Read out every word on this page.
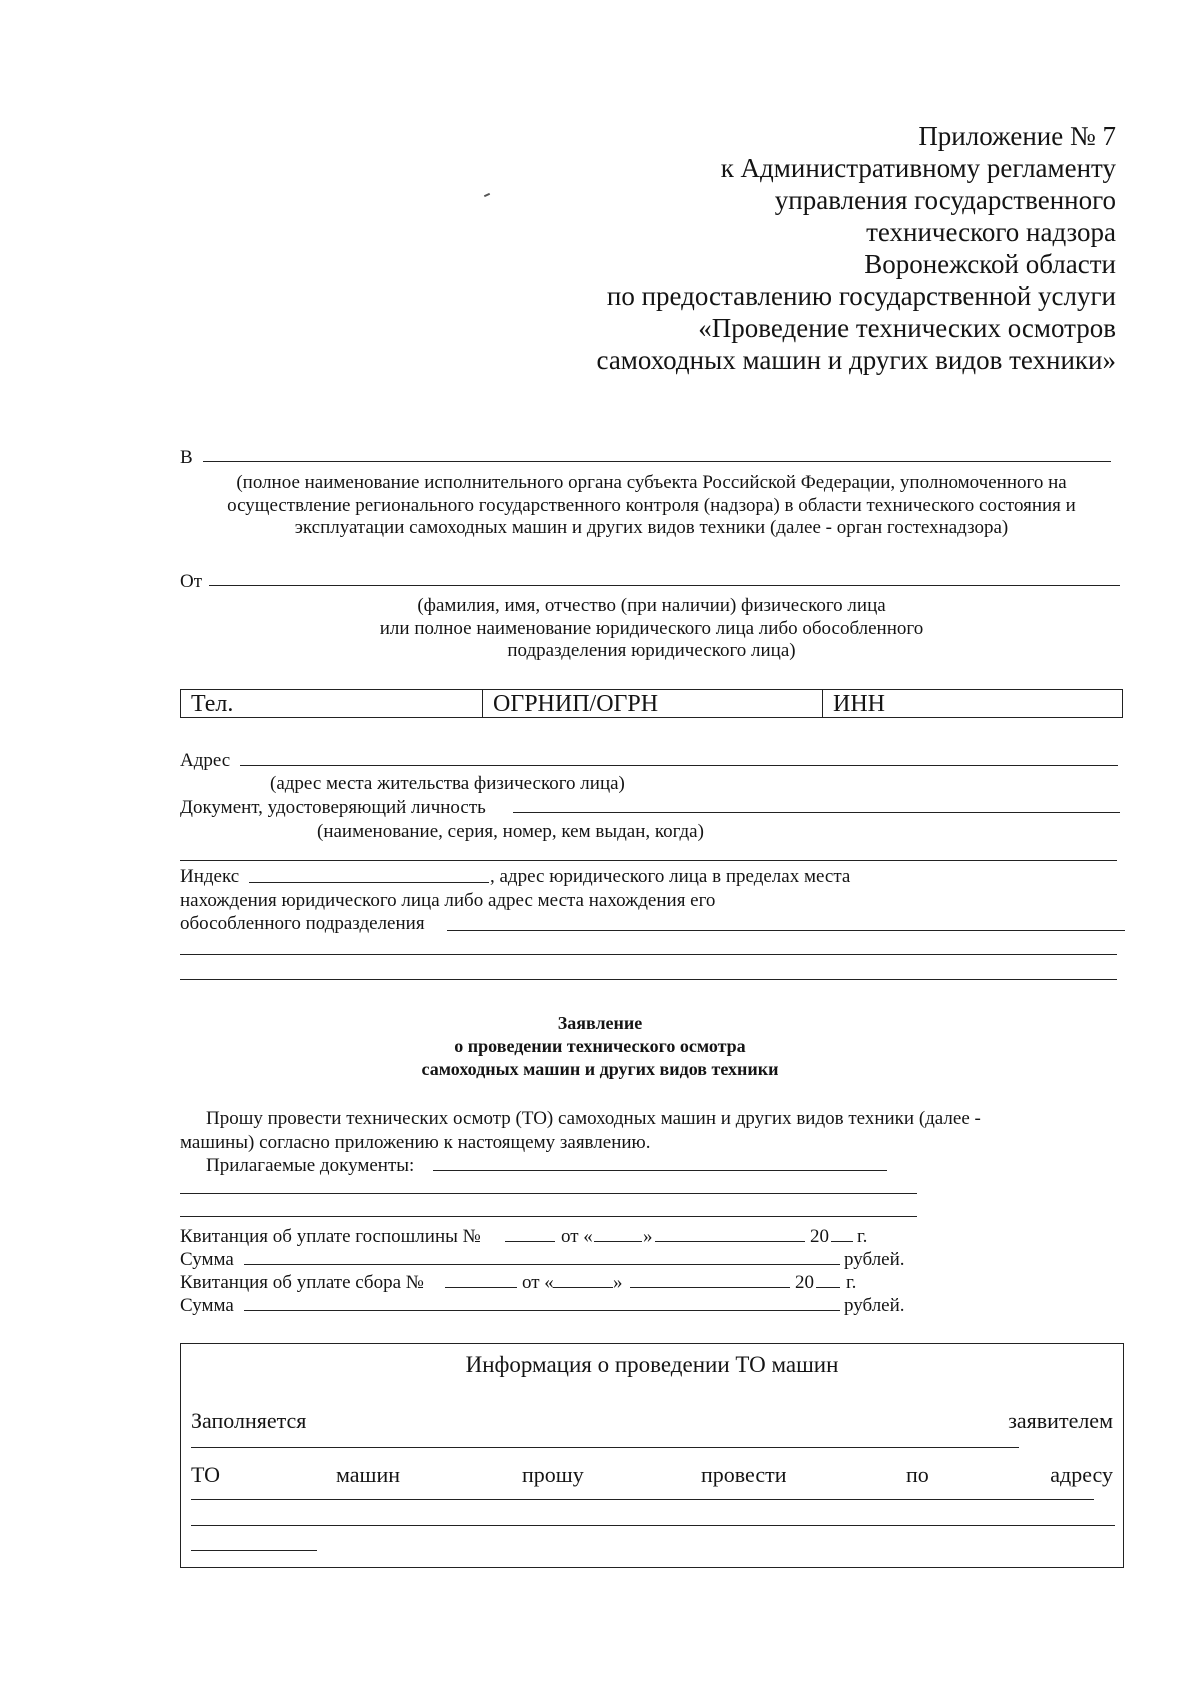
Приложение № 7
к Административному регламенту
управления государственного
технического надзора
Воронежской области
по предоставлению государственной услуги
«Проведение технических осмотров
самоходных машин и других видов техники»
В
(полное наименование исполнительного органа субъекта Российской Федерации, уполномоченного на
осуществление регионального государственного контроля (надзора) в области технического состояния и
эксплуатации самоходных машин и других видов техники (далее - орган гостехнадзора)
От
(фамилия, имя, отчество (при наличии) физического лица
или полное наименование юридического лица либо обособленного
подразделения юридического лица)
Тел.	ОГРНИП/ОГРН	ИНН
Адрес
(адрес места жительства физического лица)
Документ, удостоверяющий личность
(наименование, серия, номер, кем выдан, когда)
Индекс	, адрес юридического лица в пределах места
нахождения юридического лица либо адрес места нахождения его
обособленного подразделения
Заявление
о проведении технического осмотра
самоходных машин и других видов техники
Прошу провести технических осмотр (ТО) самоходных машин и других видов техники (далее -
машины) согласно приложению к настоящему заявлению.
Прилагаемые документы:
Квитанция об уплате госпошлины №	от «	»	20 г.
Сумма	рублей.
Квитанция об уплате сбора №	от «	»	20 г.
Сумма	рублей.
Информация о проведении ТО машин
Заполняется	заявителем
ТО	машин	прошу	провести	по	адресу
